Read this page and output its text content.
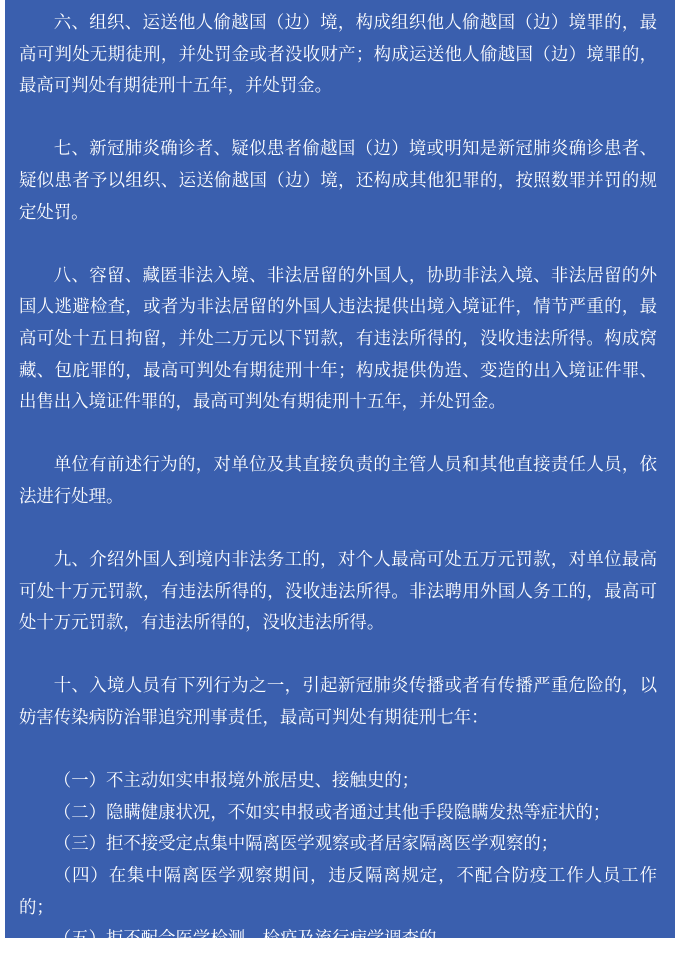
六、组织、运送他人偷越国（边）境，构成组织他人偷越国（边）境罪的，最高可判处无期徒刑，并处罚金或者没收财产；构成运送他人偷越国（边）境罪的，最高可判处有期徒刑十五年，并处罚金。

七、新冠肺炎确诊者、疑似患者偷越国（边）境或明知是新冠肺炎确诊患者、疑似患者予以组织、运送偷越国（边）境，还构成其他犯罪的，按照数罪并罚的规定处罚。

八、容留、藏匿非法入境、非法居留的外国人，协助非法入境、非法居留的外国人逃避检查，或者为非法居留的外国人违法提供出境入境证件，情节严重的，最高可处十五日拘留，并处二万元以下罚款，有违法所得的，没收违法所得。构成窝藏、包庇罪的，最高可判处有期徒刑十年；构成提供伪造、变造的出入境证件罪、出售出入境证件罪的，最高可判处有期徒刑十五年，并处罚金。

单位有前述行为的，对单位及其直接负责的主管人员和其他直接责任人员，依法进行处理。

九、介绍外国人到境内非法务工的，对个人最高可处五万元罚款，对单位最高可处十万元罚款，有违法所得的，没收违法所得。非法聘用外国人务工的，最高可处十万元罚款，有违法所得的，没收违法所得。

十、入境人员有下列行为之一，引起新冠肺炎传播或者有传播严重危险的，以妨害传染病防治罪追究刑事责任，最高可判处有期徒刑七年：

（一）不主动如实申报境外旅居史、接触史的；

（二）隐瞒健康状况，不如实申报或者通过其他手段隐瞒发热等症状的；

（三）拒不接受定点集中隔离医学观察或者居家隔离医学观察的；

（四）在集中隔离医学观察期间，违反隔离规定，不配合防疫工作人员工作的；

（五）拒不配合医学检测、检疫及流行病学调查的。
